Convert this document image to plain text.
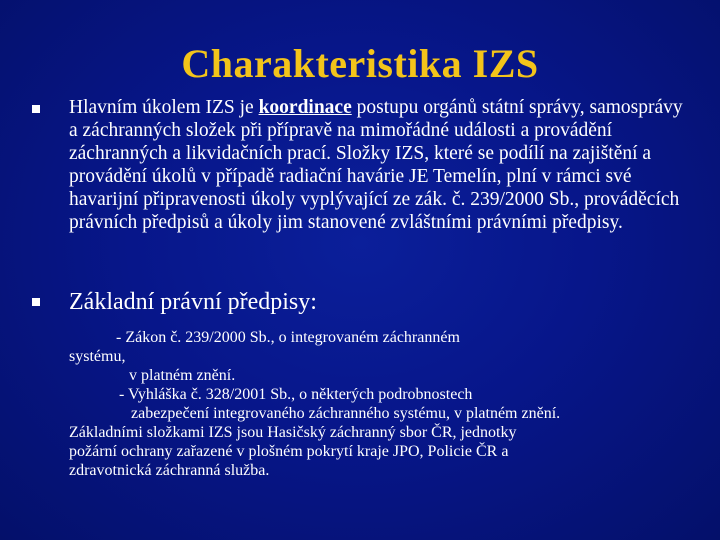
Charakteristika IZS

Hlavním úkolem IZS je koordinace postupu orgánů státní správy, samosprávy a záchranných složek při přípravě na mimořádné události a provádění záchranných a likvidačních prací. Složky IZS, které se podílí na zajištění a provádění úkolů v případě radiační havárie JE Temelín, plní v rámci své havarijní připravenosti úkoly vyplývající ze zák. č. 239/2000 Sb., prováděcích právních předpisů a úkoly jim stanovené zvláštními právními předpisy.

Základní právní předpisy:

- Zákon č. 239/2000 Sb., o integrovaném záchranném
systému,
v platném znění.
- Vyhláška č. 328/2001 Sb., o některých podrobnostech
zabezpečení integrovaného záchranného systému, v platném znění.
Základními složkami IZS jsou Hasičský záchranný sbor ČR, jednotky
požární ochrany zařazené v plošném pokrytí kraje JPO, Policie ČR a
zdravotnická záchranná služba.
